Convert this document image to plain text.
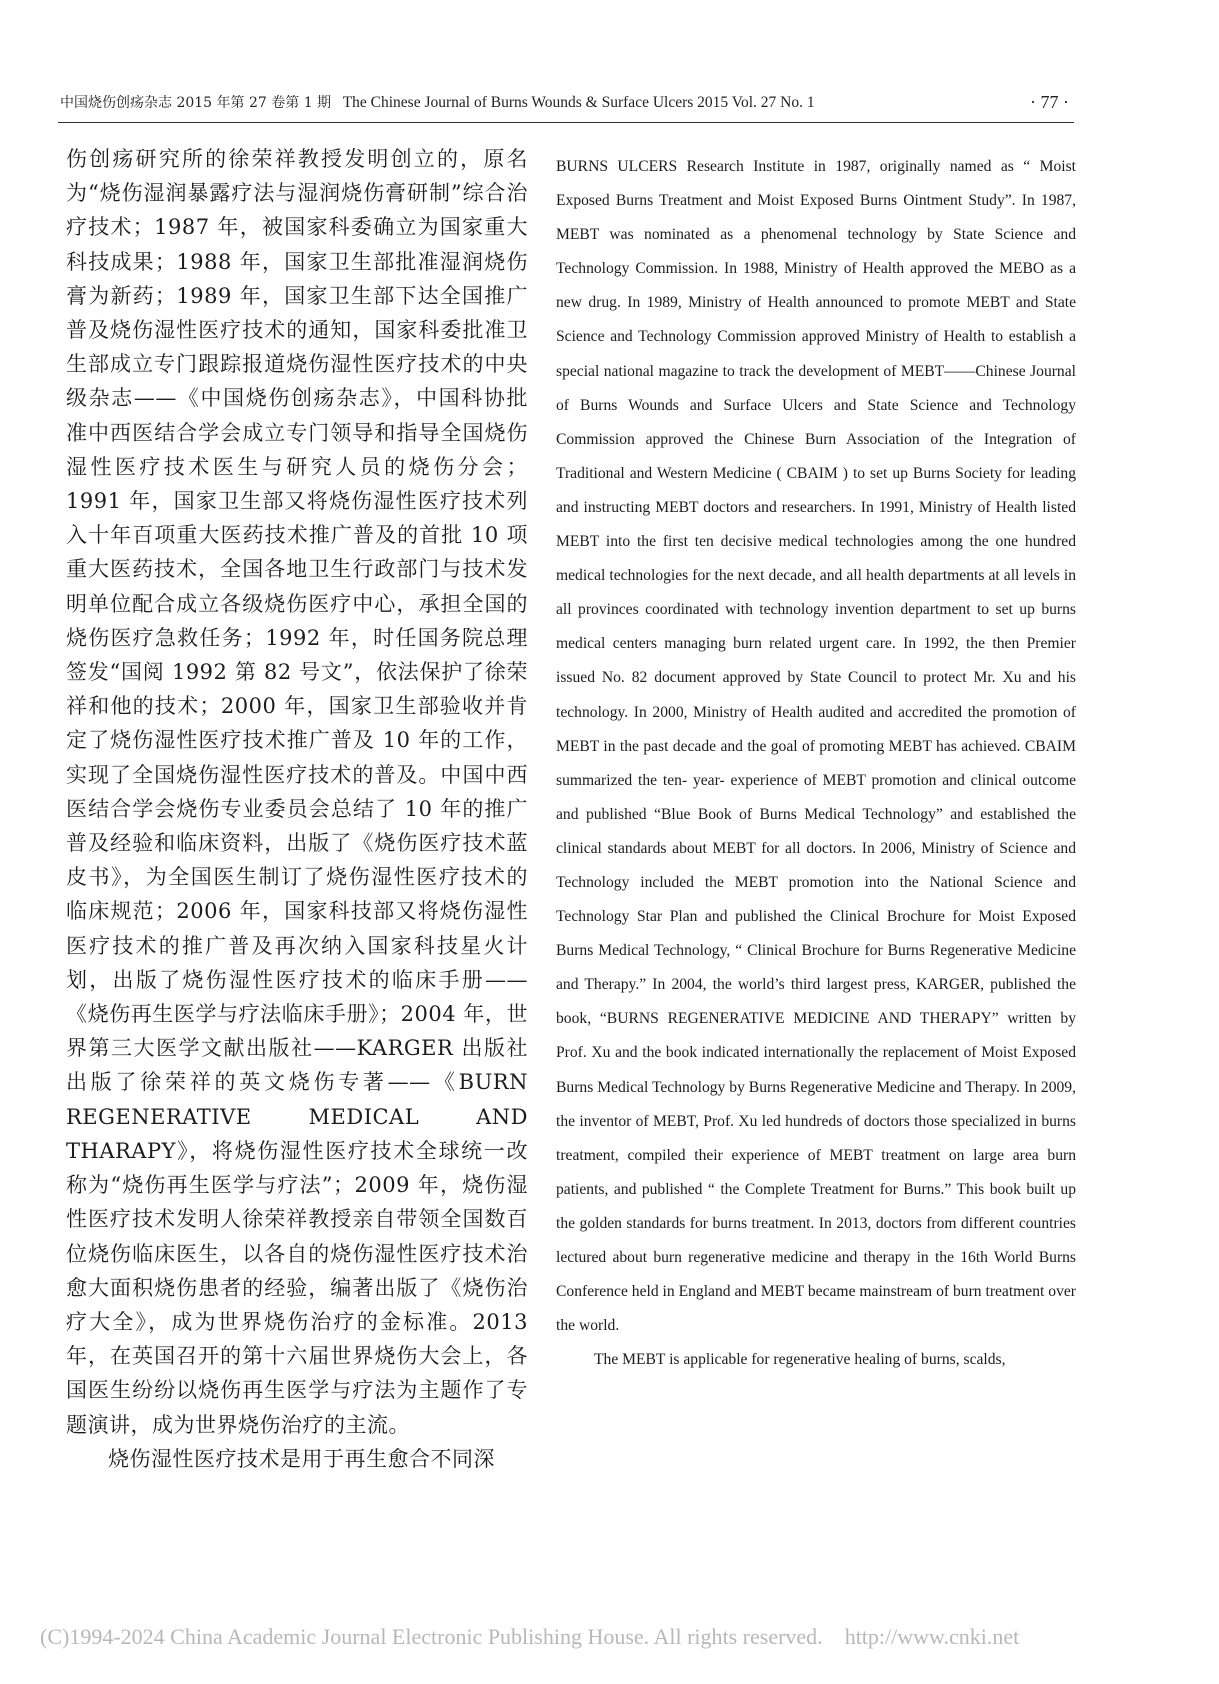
中国烧伤创疡杂志 2015 年第 27 卷第 1 期 The Chinese Journal of Burns Wounds & Surface Ulcers 2015 Vol. 27 No. 1	· 77 ·

伤创疡研究所的徐荣祥教授发明创立的，原名为“烧伤湿润暴露疗法与湿润烧伤膏研制”综合治疗技术；1987 年，被国家科委确立为国家重大科技成果；1988 年，国家卫生部批准湿润烧伤膏为新药；1989 年，国家卫生部下达全国推广普及烧伤湿性医疗技术的通知，国家科委批准卫生部成立专门跟踪报道烧伤湿性医疗技术的中央级杂志——《中国烧伤创疡杂志》，中国科协批准中西医结合学会成立专门领导和指导全国烧伤湿性医疗技术医生与研究人员的烧伤分会；1991 年，国家卫生部又将烧伤湿性医疗技术列入十年百项重大医药技术推广普及的首批 10 项重大医药技术，全国各地卫生行政部门与技术发明单位配合成立各级烧伤医疗中心，承担全国的烧伤医疗急救任务；1992 年，时任国务院总理签发“国阅 1992 第 82 号文”，依法保护了徐荣祥和他的技术；2000 年，国家卫生部验收并肯定了烧伤湿性医疗技术推广普及 10 年的工作，实现了全国烧伤湿性医疗技术的普及。中国中西医结合学会烧伤专业委员会总结了 10 年的推广普及经验和临床资料，出版了《烧伤医疗技术蓝皮书》，为全国医生制订了烧伤湿性医疗技术的临床规范；2006 年，国家科技部又将烧伤湿性医疗技术的推广普及再次纳入国家科技星火计划，出版了烧伤湿性医疗技术的临床手册——《烧伤再生医学与疗法临床手册》；2004 年，世界第三大医学文献出版社——KARGER 出版社出版了徐荣祥的英文烧伤专著——《BURN REGENERATIVE MEDICAL AND THARAPY》，将烧伤湿性医疗技术全球统一改称为“烧伤再生医学与疗法”；2009 年，烧伤湿性医疗技术发明人徐荣祥教授亲自带领全国数百位烧伤临床医生，以各自的烧伤湿性医疗技术治愈大面积烧伤患者的经验，编著出版了《烧伤治疗大全》，成为世界烧伤治疗的金标准。2013 年，在英国召开的第十六届世界烧伤大会上，各国医生纷纷以烧伤再生医学与疗法为主题作了专题演讲，成为世界烧伤治疗的主流。

烧伤湿性医疗技术是用于再生愈合不同深

BURNS ULCERS Research Institute in 1987, originally named as “ Moist Exposed Burns Treatment and Moist Exposed Burns Ointment Study”. In 1987, MEBT was nominated as a phenomenal technology by State Science and Technology Commission. In 1988, Ministry of Health approved the MEBO as a new drug. In 1989, Ministry of Health announced to promote MEBT and State Science and Technology Commission approved Ministry of Health to establish a special national magazine to track the development of MEBT——Chinese Journal of Burns Wounds and Surface Ulcers and State Science and Technology Commission approved the Chinese Burn Association of the Integration of Traditional and Western Medicine ( CBAIM ) to set up Burns Society for leading and instructing MEBT doctors and researchers. In 1991, Ministry of Health listed MEBT into the first ten decisive medical technologies among the one hundred medical technologies for the next decade, and all health departments at all levels in all provinces coordinated with technology invention department to set up burns medical centers managing burn related urgent care. In 1992, the then Premier issued No. 82 document approved by State Council to protect Mr. Xu and his technology. In 2000, Ministry of Health audited and accredited the promotion of MEBT in the past decade and the goal of promoting MEBT has achieved. CBAIM summarized the ten- year- experience of MEBT promotion and clinical outcome and published “Blue Book of Burns Medical Technology” and established the clinical standards about MEBT for all doctors. In 2006, Ministry of Science and Technology included the MEBT promotion into the National Science and Technology Star Plan and published the Clinical Brochure for Moist Exposed Burns Medical Technology, “ Clinical Brochure for Burns Regenerative Medicine and Therapy.” In 2004, the world’s third largest press, KARGER, published the book, “BURNS REGENERATIVE MEDICINE AND THERAPY” written by Prof. Xu and the book indicated internationally the replacement of Moist Exposed Burns Medical Technology by Burns Regenerative Medicine and Therapy. In 2009, the inventor of MEBT, Prof. Xu led hundreds of doctors those specialized in burns treatment, compiled their experience of MEBT treatment on large area burn patients, and published “ the Complete Treatment for Burns.” This book built up the golden standards for burns treatment. In 2013, doctors from different countries lectured about burn regenerative medicine and therapy in the 16th World Burns Conference held in England and MEBT became mainstream of burn treatment over the world.

The MEBT is applicable for regenerative healing of burns, scalds,

(C)1994-2024 China Academic Journal Electronic Publishing House. All rights reserved. http://www.cnki.net
